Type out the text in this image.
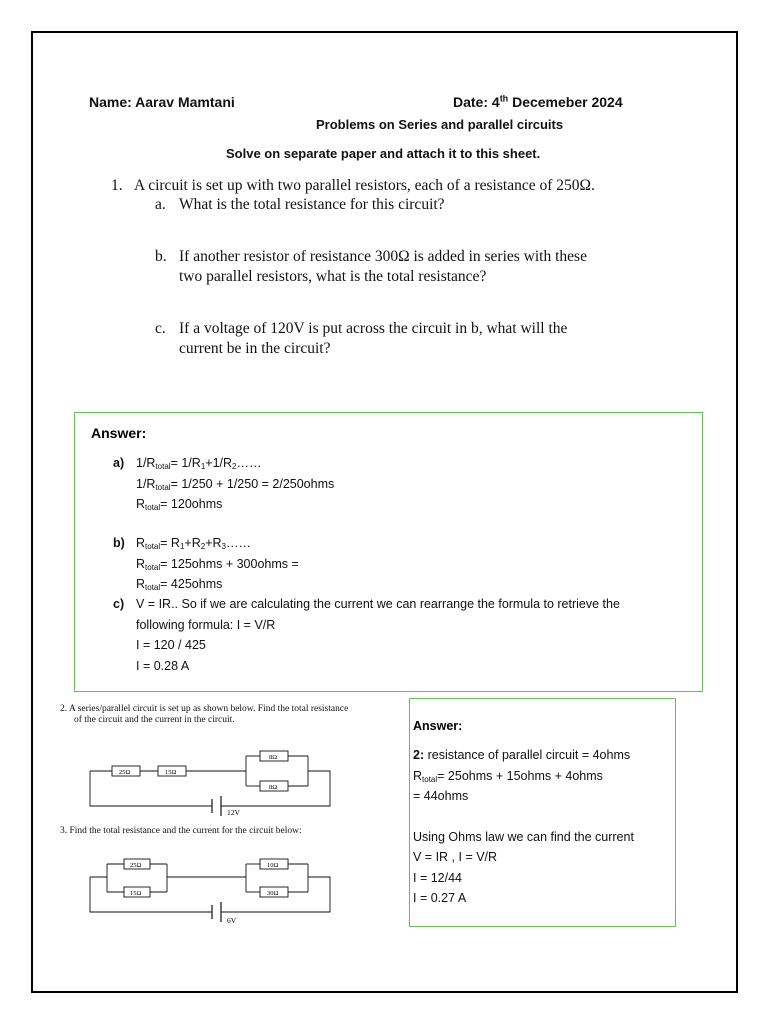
Name: Aarav Mamtani	Date: 4th Decemeber 2024
Problems on Series and parallel circuits
Solve on separate paper and attach it to this sheet.
1. A circuit is set up with two parallel resistors, each of a resistance of 250Ω.
a. What is the total resistance for this circuit?
b. If another resistor of resistance 300Ω is added in series with these
two parallel resistors, what is the total resistance?
c. If a voltage of 120V is put across the circuit in b, what will the
current be in the circuit?
Answer:
a) $1/R_{total}=$ $1/R_1+1/R_2\dots\dots$
$1/R_{total}= 1/250 + 1/250$ = 2/250ohms
$R_{total}=$ 120ohms
b) $R_{total}=$ $R_1+R_2+R_3\dots\dots$
$R_{total}=$ 125ohms + 300ohms =
$R_{total}=$ 425ohms
c) V = IR.. So if we are calculating the current we can rearrange the formula to retrieve the
following formula: I = V/R
I = 120 / 425
I = 0.28 A
2. A series/parallel circuit is set up as shown below. Find the total resistance
of the circuit and the current in the circuit.
25Ω	15Ω
8Ω
8Ω
12V
3. Find the total resistance and the current for the circuit below:
25Ω
15Ω
10Ω
30Ω
6V
Answer:
2: resistance of parallel circuit = 4ohms
$R_{total}=$ 25ohms + 15ohms + 4ohms
= 44ohms
Using Ohms law we can find the current
V = IR , I = V/R
I = 12/44
I = 0.27 A
